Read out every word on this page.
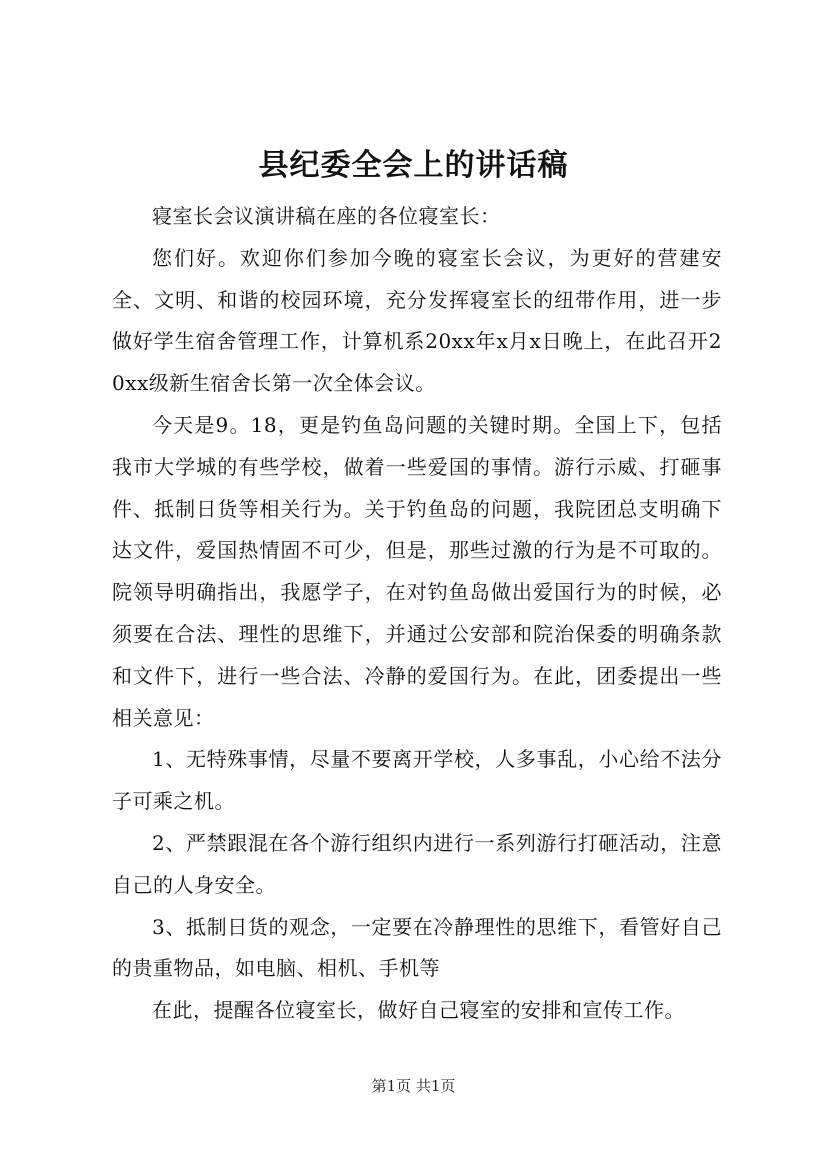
县纪委全会上的讲话稿

寝室长会议演讲稿在座的各位寝室长：

您们好。欢迎你们参加今晚的寝室长会议，为更好的营建安全、文明、和谐的校园环境，充分发挥寝室长的纽带作用，进一步做好学生宿舍管理工作，计算机系20xx年x月x日晚上，在此召开20xx级新生宿舍长第一次全体会议。

今天是9。18，更是钓鱼岛问题的关键时期。全国上下，包括我市大学城的有些学校，做着一些爱国的事情。游行示威、打砸事件、抵制日货等相关行为。关于钓鱼岛的问题，我院团总支明确下达文件，爱国热情固不可少，但是，那些过激的行为是不可取的。院领导明确指出，我愿学子，在对钓鱼岛做出爱国行为的时候，必须要在合法、理性的思维下，并通过公安部和院治保委的明确条款和文件下，进行一些合法、冷静的爱国行为。在此，团委提出一些相关意见：

1、无特殊事情，尽量不要离开学校，人多事乱，小心给不法分子可乘之机。

2、严禁跟混在各个游行组织内进行一系列游行打砸活动，注意自己的人身安全。

3、抵制日货的观念，一定要在冷静理性的思维下，看管好自己的贵重物品，如电脑、相机、手机等

在此，提醒各位寝室长，做好自己寝室的安排和宣传工作。

第1页 共1页
